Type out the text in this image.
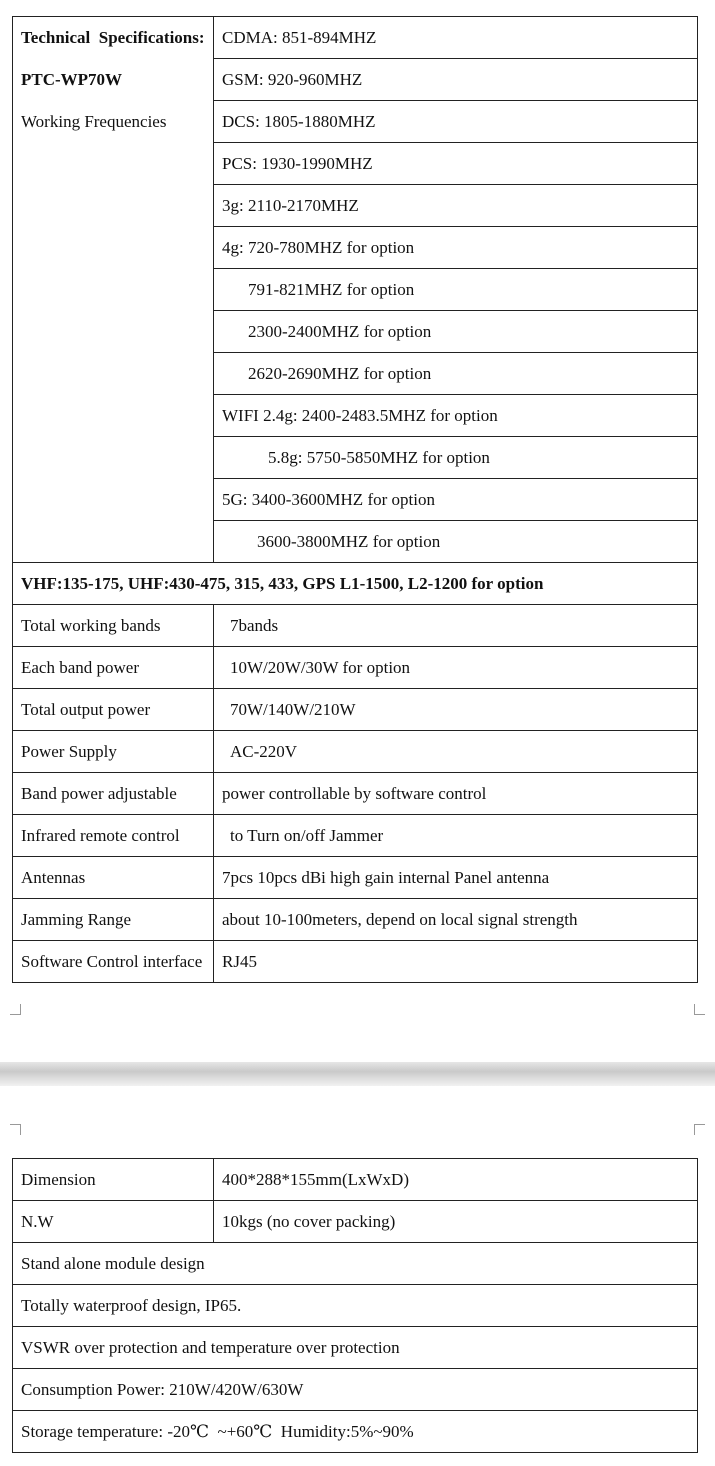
Technical  Specifications:
PTC-WP70W
Working Frequencies	CDMA: 851-894MHZ
	GSM: 920-960MHZ
	DCS: 1805-1880MHZ
	PCS: 1930-1990MHZ
	3g: 2110-2170MHZ
	4g: 720-780MHZ for option
	791-821MHZ for option
	2300-2400MHZ for option
	2620-2690MHZ for option
	WIFI 2.4g: 2400-2483.5MHZ for option
	5.8g: 5750-5850MHZ for option
	5G: 3400-3600MHZ for option
	3600-3800MHZ for option
VHF:135-175, UHF:430-475, 315, 433, GPS L1-1500, L2-1200 for option	
Total working bands	7bands
Each band power	10W/20W/30W for option
Total output power	70W/140W/210W
Power Supply	AC-220V
Band power adjustable	power controllable by software control
Infrared remote control	to Turn on/off Jammer
Antennas	7pcs 10pcs dBi high gain internal Panel antenna
Jamming Range	about 10-100meters, depend on local signal strength
Software Control interface	RJ45
Dimension	400*288*155mm(LxWxD)
N.W	10kgs (no cover packing)
Stand alone module design	
Totally waterproof design, IP65.	
VSWR over protection and temperature over protection	
Consumption Power: 210W/420W/630W	
Storage temperature: -20℃  ~+60℃  Humidity:5%~90%	
